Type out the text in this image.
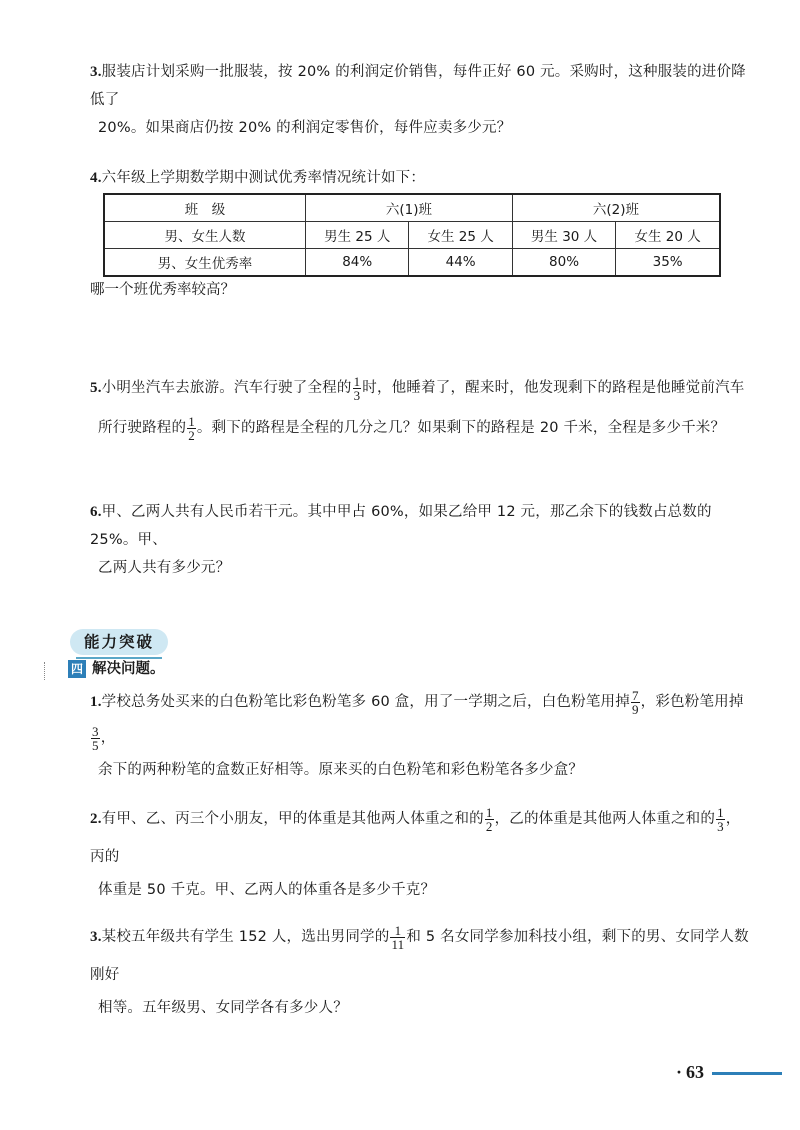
3.服装店计划采购一批服装，按 20% 的利润定价销售，每件正好 60 元。采购时，这种服装的进价降低了
20%。如果商店仍按 20% 的利润定零售价，每件应卖多少元？
4.六年级上学期数学期中测试优秀率情况统计如下：
班　级	六(1)班		六(2)班	
男、女生人数	男生 25 人	女生 25 人	男生 30 人	女生 20 人
男、女生优秀率	84%	44%	80%	35%
哪一个班优秀率较高？
5.小明坐汽车去旅游。汽车行驶了全程的 $\frac{1}{3}$ 时，他睡着了，醒来时，他发现剩下的路程是他睡觉前汽车
所行驶路程的 $\frac{1}{2}$ 。剩下的路程是全程的几分之几？如果剩下的路程是 20 千米，全程是多少千米？
6.甲、乙两人共有人民币若干元。其中甲占 60%，如果乙给甲 12 元，那乙余下的钱数占总数的 25%。甲、
乙两人共有多少元？
能力突破
四 解决问题。
1.学校总务处买来的白色粉笔比彩色粉笔多 60 盒，用了一学期之后，白色粉笔用掉 $\frac{7}{9}$ ，彩色粉笔用掉
$\frac{3}{5}$ ，
余下的两种粉笔的盒数正好相等。原来买的白色粉笔和彩色粉笔各多少盒？
2.有甲、乙、丙三个小朋友，甲的体重是其他两人体重之和的 $\frac{1}{2}$ ，乙的体重是其他两人体重之和的 $\frac{1}{3}$ ，丙的
体重是 50 千克。甲、乙两人的体重各是多少千克？
3.某校五年级共有学生 152 人，选出男同学的 $\frac{1}{11}$ 和 5 名女同学参加科技小组，剩下的男、女同学人数刚好
相等。五年级男、女同学各有多少人？
· 63
